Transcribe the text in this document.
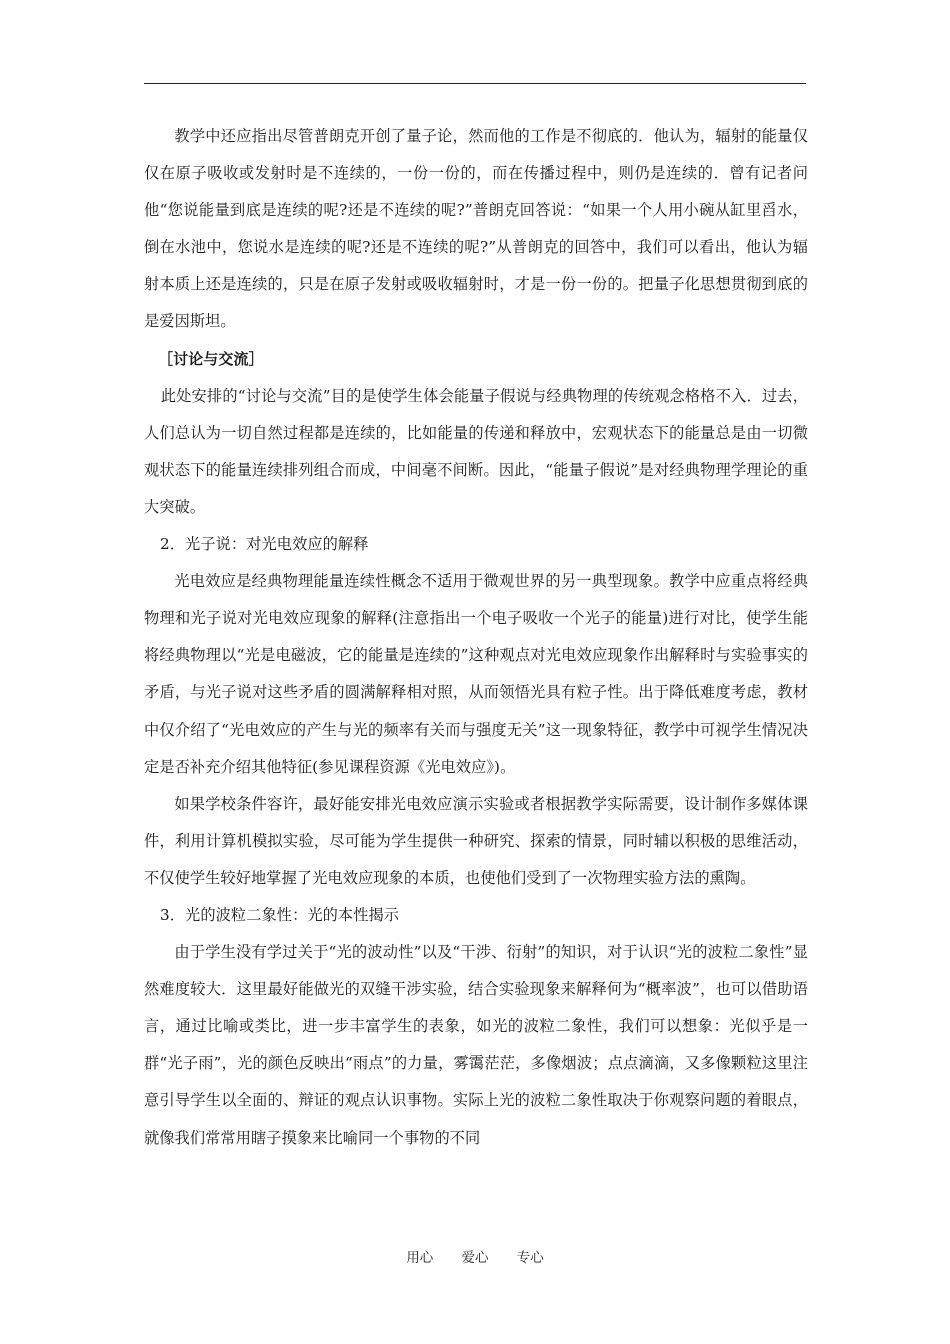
教学中还应指出尽管普朗克开创了量子论，然而他的工作是不彻底的．他认为，辐射的能量仅仅在原子吸收或发射时是不连续的，一份一份的，而在传播过程中，则仍是连续的．曾有记者问他“您说能量到底是连续的呢?还是不连续的呢?”普朗克回答说：“如果一个人用小碗从缸里舀水，倒在水池中，您说水是连续的呢?还是不连续的呢?”从普朗克的回答中，我们可以看出，他认为辐射本质上还是连续的，只是在原子发射或吸收辐射时，才是一份一份的。把量子化思想贯彻到底的是爱因斯坦。

［讨论与交流］

此处安排的“讨论与交流”目的是使学生体会能量子假说与经典物理的传统观念格格不入．过去，人们总认为一切自然过程都是连续的，比如能量的传递和释放中，宏观状态下的能量总是由一切微观状态下的能量连续排列组合而成，中间毫不间断。因此，“能量子假说”是对经典物理学理论的重大突破。

2．光子说：对光电效应的解释

光电效应是经典物理能量连续性概念不适用于微观世界的另一典型现象。教学中应重点将经典物理和光子说对光电效应现象的解释(注意指出一个电子吸收一个光子的能量)进行对比，使学生能将经典物理以“光是电磁波，它的能量是连续的”这种观点对光电效应现象作出解释时与实验事实的矛盾，与光子说对这些矛盾的圆满解释相对照，从而领悟光具有粒子性。出于降低难度考虑，教材中仅介绍了“光电效应的产生与光的频率有关而与强度无关”这一现象特征，教学中可视学生情况决定是否补充介绍其他特征(参见课程资源《光电效应》)。

如果学校条件容许，最好能安排光电效应演示实验或者根据教学实际需要，设计制作多媒体课件，利用计算机模拟实验，尽可能为学生提供一种研究、探索的情景，同时辅以积极的思维活动，不仅使学生较好地掌握了光电效应现象的本质，也使他们受到了一次物理实验方法的熏陶。

3．光的波粒二象性：光的本性揭示

由于学生没有学过关于“光的波动性”以及“干涉、衍射”的知识，对于认识“光的波粒二象性”显然难度较大．这里最好能做光的双缝干涉实验，结合实验现象来解释何为“概率波”，也可以借助语言，通过比喻或类比，进一步丰富学生的表象，如光的波粒二象性，我们可以想象：光似乎是一群“光子雨”，光的颜色反映出“雨点”的力量，雾霭茫茫，多像烟波；点点滴滴，又多像颗粒这里注意引导学生以全面的、辩证的观点认识事物。实际上光的波粒二象性取决于你观察问题的着眼点，就像我们常常用瞎子摸象来比喻同一个事物的不同

用心 爱心 专心
